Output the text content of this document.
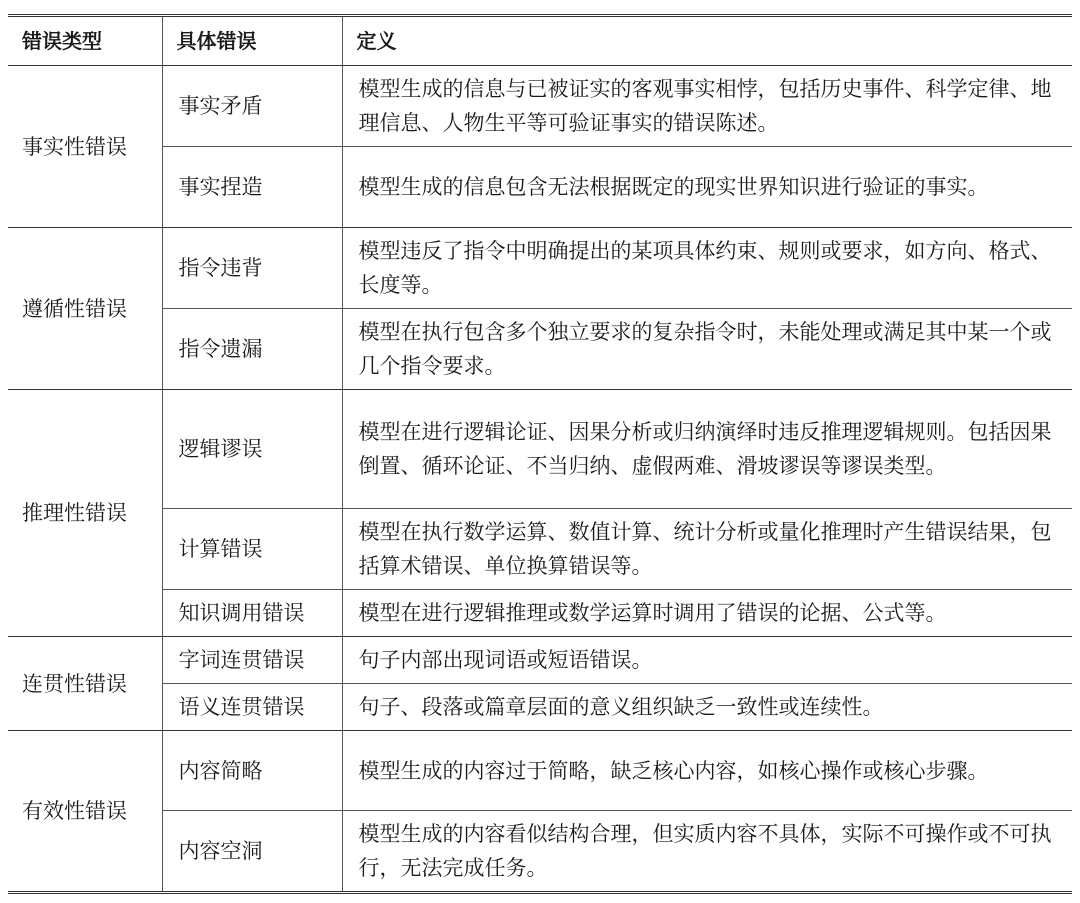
错误类型	具体错误	定义
事实性错误	事实矛盾	模型生成的信息与已被证实的客观事实相悖，包括历史事件、科学定律、地理信息、人物生平等可验证事实的错误陈述。
	事实捏造	模型生成的信息包含无法根据既定的现实世界知识进行验证的事实。
遵循性错误	指令违背	模型违反了指令中明确提出的某项具体约束、规则或要求，如方向、格式、长度等。
	指令遗漏	模型在执行包含多个独立要求的复杂指令时，未能处理或满足其中某一个或几个指令要求。
推理性错误	逻辑谬误	模型在进行逻辑论证、因果分析或归纳演绎时违反推理逻辑规则。包括因果倒置、循环论证、不当归纳、虚假两难、滑坡谬误等谬误类型。
	计算错误	模型在执行数学运算、数值计算、统计分析或量化推理时产生错误结果，包括算术错误、单位换算错误等。
	知识调用错误	模型在进行逻辑推理或数学运算时调用了错误的论据、公式等。
连贯性错误	字词连贯错误	句子内部出现词语或短语错误。
	语义连贯错误	句子、段落或篇章层面的意义组织缺乏一致性或连续性。
有效性错误	内容简略	模型生成的内容过于简略，缺乏核心内容，如核心操作或核心步骤。
	内容空洞	模型生成的内容看似结构合理，但实质内容不具体，实际不可操作或不可执行，无法完成任务。
